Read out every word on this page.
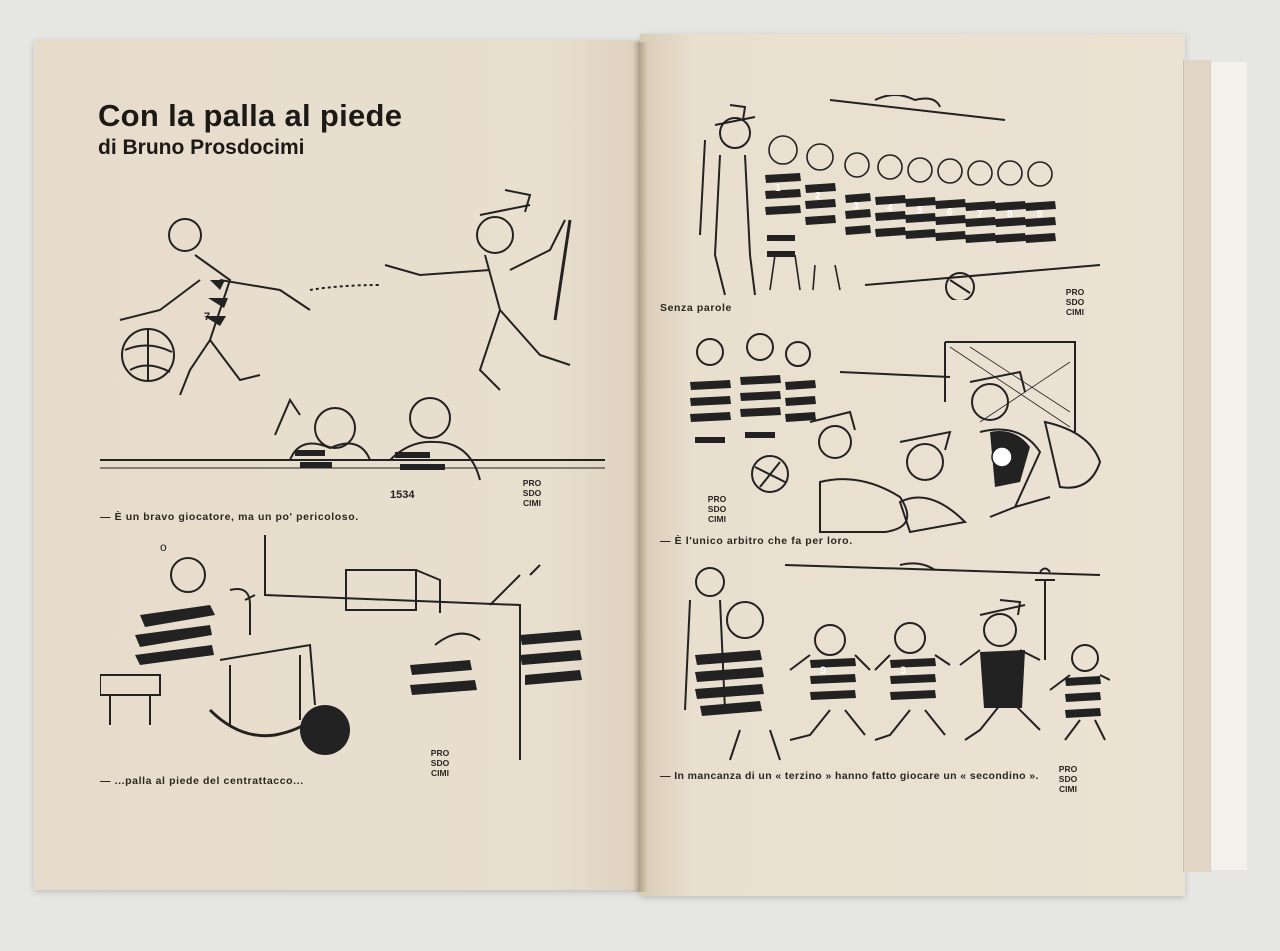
Con la palla al piede
di Bruno Prosdocimi
7
1534
PRO
SDO
CIMI

— È un bravo giocatore, ma un po' pericoloso.

o
PRO
SDO
CIMI

— ...palla al piede del centrattacco...

1
2
3	4 5 6 7 8 9
PRO
SDO
CIMI

Senza parole

PRO
SDO
CIMI

— È l'unico arbitro che fa per loro.

9	3
PRO
SDO
CIMI

— In mancanza di un « terzino » hanno fatto giocare un « secondino ».
